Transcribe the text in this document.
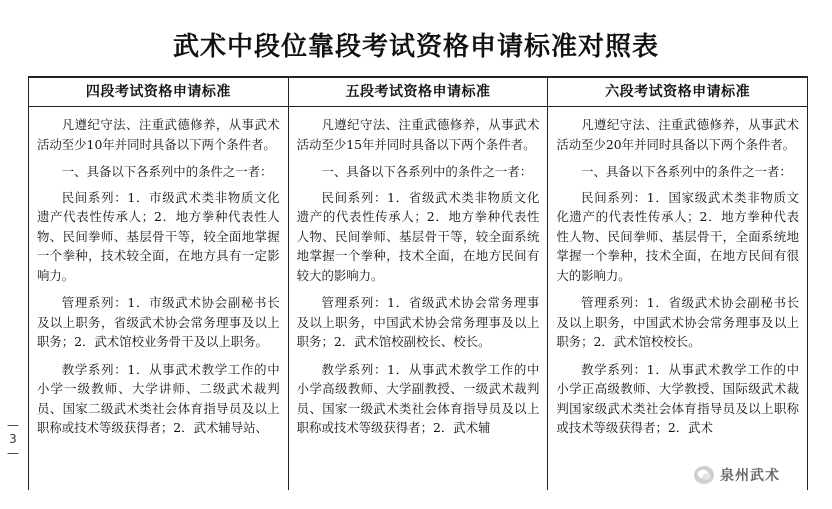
武术中段位靠段考试资格申请标准对照表
四段考试资格申请标准

凡遵纪守法、注重武德修养，从事武术活动至少10年并同时具备以下两个条件者。

一、具备以下各系列中的条件之一者：

民间系列：1．市级武术类非物质文化遗产代表性传承人；2．地方拳种代表性人物、民间拳师、基层骨干等，较全面地掌握一个拳种，技术较全面，在地方具有一定影响力。

管理系列：1．市级武术协会副秘书长及以上职务，省级武术协会常务理事及以上职务；2．武术馆校业务骨干及以上职务。

教学系列：1．从事武术教学工作的中小学一级教师、大学讲师、二级武术裁判员、国家二级武术类社会体育指导员及以上职称或技术等级获得者；2．武术辅导站、

五段考试资格申请标准

凡遵纪守法、注重武德修养，从事武术活动至少15年并同时具备以下两个条件者。

一、具备以下各系列中的条件之一者：

民间系列：1．省级武术类非物质文化遗产的代表性传承人；2．地方拳种代表性人物、民间拳师、基层骨干等，较全面系统地掌握一个拳种，技术全面，在地方民间有较大的影响力。

管理系列：1．省级武术协会常务理事及以上职务，中国武术协会常务理事及以上职务；2．武术馆校副校长、校长。

教学系列：1．从事武术教学工作的中小学高级教师、大学副教授、一级武术裁判员、国家一级武术类社会体育指导员及以上职称或技术等级获得者；2．武术辅

六段考试资格申请标准

凡遵纪守法、注重武德修养，从事武术活动至少20年并同时具备以下两个条件者。

一、具备以下各系列中的条件之一者：

民间系列：1．国家级武术类非物质文化遗产的代表性传承人；2．地方拳种代表性人物、民间拳师、基层骨干，全面系统地掌握一个拳种，技术全面，在地方民间有很大的影响力。

管理系列：1．省级武术协会副秘书长及以上职务，中国武术协会常务理事及以上职务；2．武术馆校校长。

教学系列：1．从事武术教学工作的中小学正高级教师、大学教授、国际级武术裁判国家级武术类社会体育指导员及以上职称或技术等级获得者；2．武术

—
3
—
泉州武术
